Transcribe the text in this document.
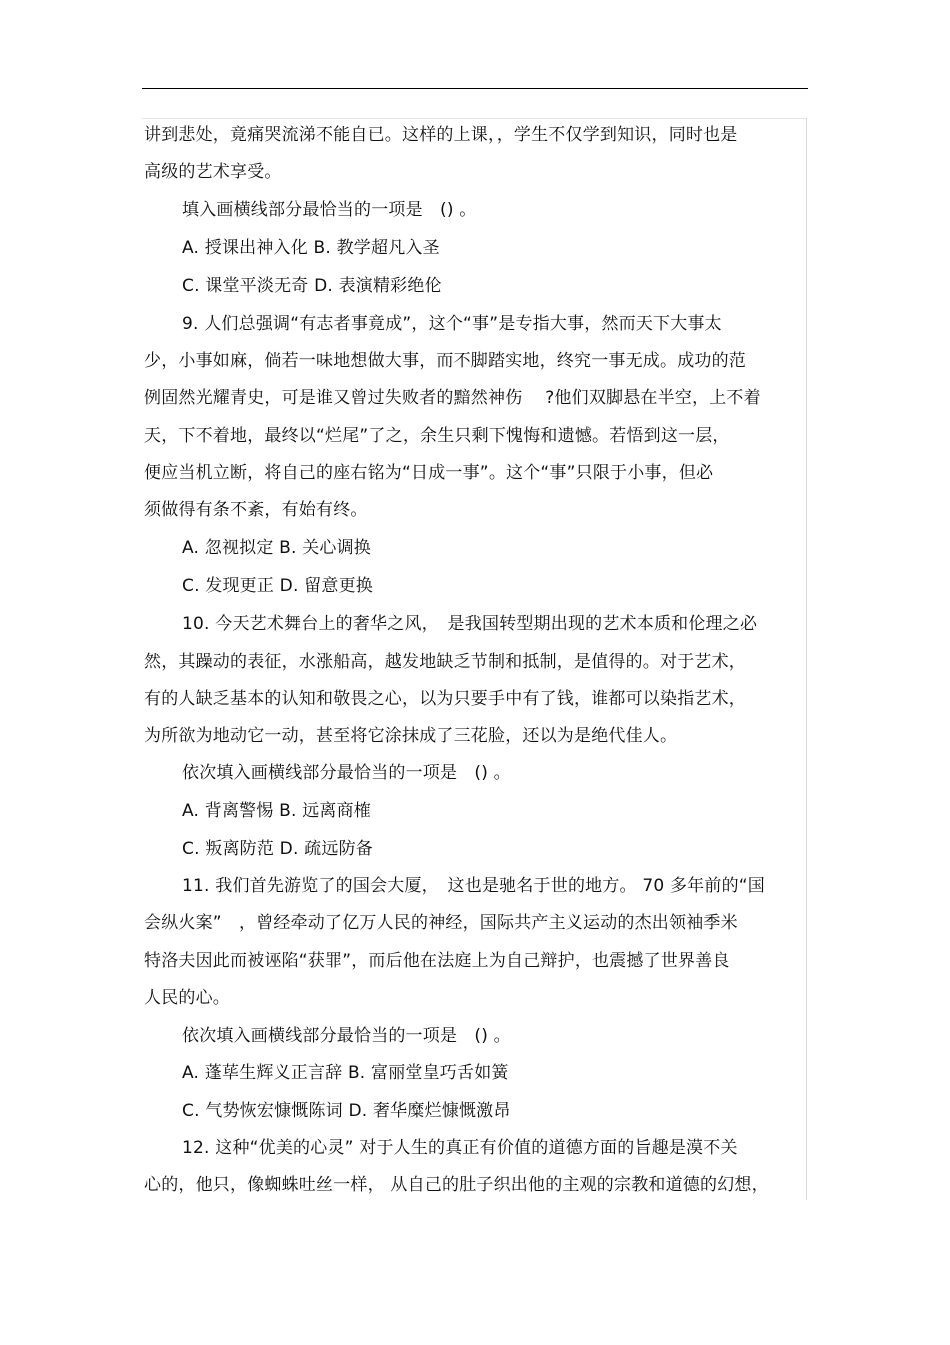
讲到悲处，竟痛哭流涕不能自已。这样的上课，，学生不仅学到知识，同时也是
高级的艺术享受。
填入画横线部分最恰当的一项是　() 。
A. 授课出神入化 B. 教学超凡入圣
C. 课堂平淡无奇 D. 表演精彩绝伦
9. 人们总强调“有志者事竟成”，这个“事”是专指大事，然而天下大事太
少，小事如麻，倘若一味地想做大事，而不脚踏实地，终究一事无成。成功的范
例固然光耀青史，可是谁又曾过失败者的黯然神伤　 ?他们双脚悬在半空，上不着
天，下不着地，最终以“烂尾”了之，余生只剩下愧悔和遗憾。若悟到这一层，
便应当机立断，将自己的座右铭为“日成一事”。这个“事”只限于小事，但必
须做得有条不紊，有始有终。
A. 忽视拟定 B. 关心调换
C. 发现更正 D. 留意更换
10. 今天艺术舞台上的奢华之风，　是我国转型期出现的艺术本质和伦理之必
然，其躁动的表征，水涨船高，越发地缺乏节制和抵制，是值得的。对于艺术，
有的人缺乏基本的认知和敬畏之心，以为只要手中有了钱，谁都可以染指艺术，
为所欲为地动它一动，甚至将它涂抹成了三花脸，还以为是绝代佳人。
依次填入画横线部分最恰当的一项是　() 。
A. 背离警惕 B. 远离商榷
C. 叛离防范 D. 疏远防备
11. 我们首先游览了的国会大厦，　这也是驰名于世的地方。 70 多年前的“国
会纵火案”　，曾经牵动了亿万人民的神经，国际共产主义运动的杰出领袖季米
特洛夫因此而被诬陷“获罪”，而后他在法庭上为自己辩护，也震撼了世界善良
人民的心。
依次填入画横线部分最恰当的一项是　() 。
A. 蓬荜生辉义正言辞 B. 富丽堂皇巧舌如簧
C. 气势恢宏慷慨陈词 D. 奢华糜烂慷慨激昂
12. 这种“优美的心灵” 对于人生的真正有价值的道德方面的旨趣是漠不关
心的，他只，像蜘蛛吐丝一样， 从自己的肚子织出他的主观的宗教和道德的幻想，
